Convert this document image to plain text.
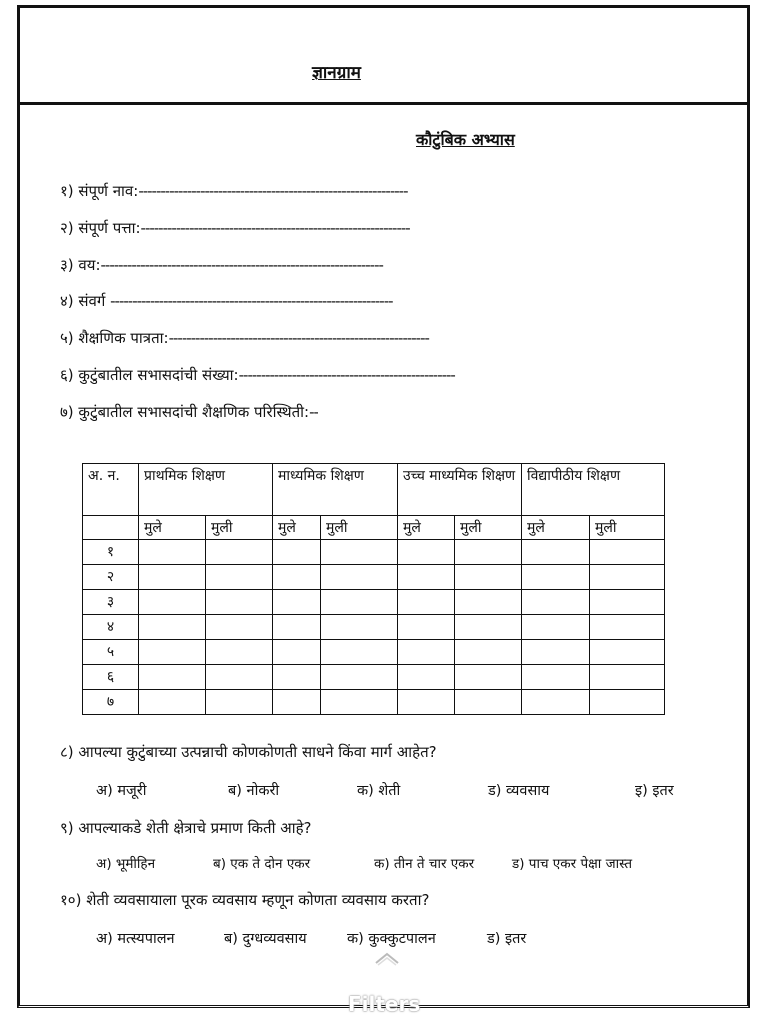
ज्ञानग्राम
कौटुंबिक अभ्यास
१) संपूर्ण नाव:-------------------------------------------------------------
२) संपूर्ण पत्ता:-------------------------------------------------------------
३) वय:----------------------------------------------------------------
४) संवर्ग ----------------------------------------------------------------
५) शैक्षणिक पात्रता:-----------------------------------------------------------
६) कुटुंबातील सभासदांची संख्या:-------------------------------------------------
७) कुटुंबातील सभासदांची शैक्षणिक परिस्थिती:--
अ. न.	प्राथमिक शिक्षण		माध्यमिक शिक्षण		उच्च माध्यमिक शिक्षण		विद्यापीठीय शिक्षण	
	मुले	मुली	मुले	मुली	मुले	मुली	मुले	मुली
१								
२								
३								
४								
५								
६								
७								
८) आपल्या कुटुंबाच्या उत्पन्नाची कोणकोणती साधने किंवा मार्ग आहेत?
अ) मजूरी	ब) नोकरी	क) शेती	ड) व्यवसाय	इ) इतर
९) आपल्याकडे शेती क्षेत्राचे प्रमाण किती आहे?
अ) भूमीहिन	ब) एक ते दोन एकर	क) तीन ते चार एकर	ड) पाच एकर पेक्षा जास्त
१०) शेती व्यवसायाला पूरक व्यवसाय म्हणून कोणता व्यवसाय करता?
अ) मत्स्यपालन	ब) दुग्धव्यवसाय	क) कुक्कुटपालन	ड) इतर
Filters
